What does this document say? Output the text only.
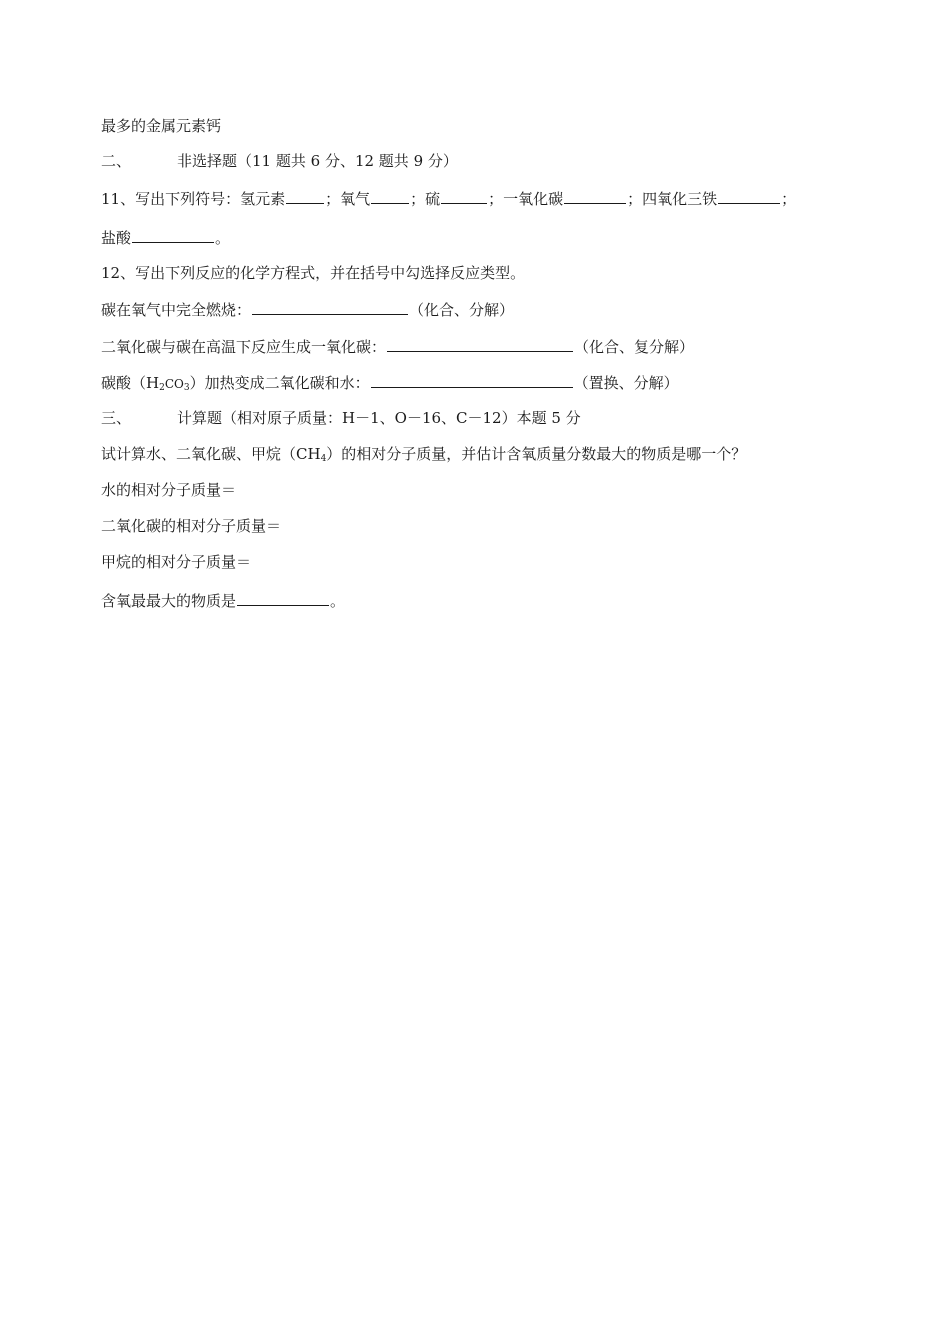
最多的金属元素钙
二、	非选择题（11 题共 6 分、12 题共 9 分）
11、写出下列符号：氢元素	；氧气	；硫	；一氧化碳	；四氧化三铁	；
盐酸	。
12、写出下列反应的化学方程式，并在括号中勾选择反应类型。
碳在氧气中完全燃烧：	（化合、分解）
二氧化碳与碳在高温下反应生成一氧化碳：	（化合、复分解）
碳酸$(H_2CO_3)$加热变成二氧化碳和水：	（置换、分解）
三、	计算题（相对原子质量：H－1、O－16、C－12）本题 5 分
试计算水、二氧化碳、甲烷$(CH_4)$的相对分子质量，并估计含氧质量分数最大的物质是哪一个？
水的相对分子质量＝
二氧化碳的相对分子质量＝
甲烷的相对分子质量＝
含氧最最大的物质是	。
